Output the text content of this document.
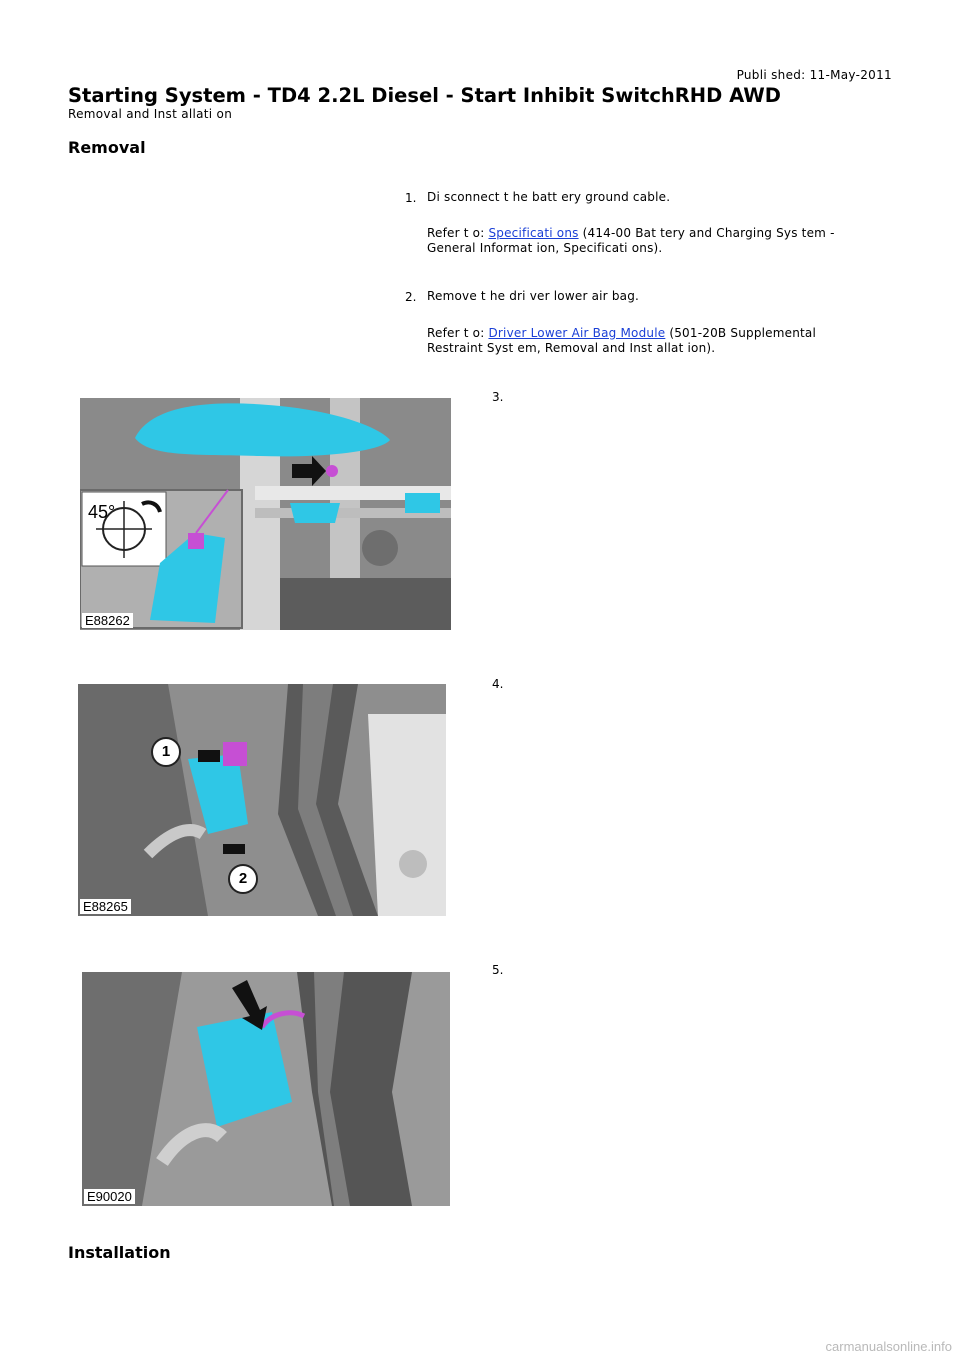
Publi shed: 11-May-2011
Starting System - TD4 2.2L Diesel - Start Inhibit SwitchRHD AWD
Removal and Inst allati on
Removal
1. Di sconnect t he batt ery ground cable.
Refer t o: Specificati ons (414-00 Bat tery and Charging Sys tem -
General Informat ion, Specificati ons).
2. Remove t he dri ver lower air bag.
Refer t o: Driver Lower Air Bag Module (501-20B Supplemental
Restraint Syst em, Removal and Inst allat ion).
3.
45°
E88262
4.
1
2
E88265
5.
E90020
Installation
carmanualsonline.info
